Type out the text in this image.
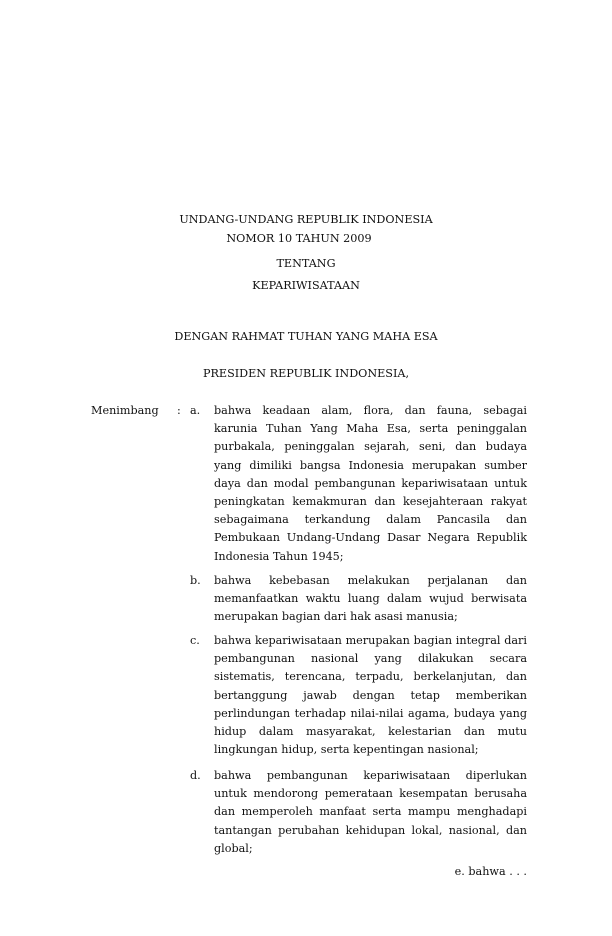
UNDANG-UNDANG REPUBLIK INDONESIA
NOMOR 10 TAHUN 2009
TENTANG
KEPARIWISATAAN
DENGAN RAHMAT TUHAN YANG MAHA ESA
PRESIDEN REPUBLIK INDONESIA,
Menimbang : a. bahwa keadaan alam, flora, dan fauna, sebagai karunia Tuhan Yang Maha Esa, serta peninggalan purbakala, peninggalan sejarah, seni, dan budaya yang dimiliki bangsa Indonesia merupakan sumber daya dan modal pembangunan kepariwisataan untuk peningkatan kemakmuran dan kesejahteraan rakyat sebagaimana terkandung dalam Pancasila dan Pembukaan Undang-Undang Dasar Negara Republik Indonesia Tahun 1945;
b. bahwa kebebasan melakukan perjalanan dan memanfaatkan waktu luang dalam wujud berwisata merupakan bagian dari hak asasi manusia;
c. bahwa kepariwisataan merupakan bagian integral dari pembangunan nasional yang dilakukan secara sistematis, terencana, terpadu, berkelanjutan, dan bertanggung jawab dengan tetap memberikan perlindungan terhadap nilai-nilai agama, budaya yang hidup dalam masyarakat, kelestarian dan mutu lingkungan hidup, serta kepentingan nasional;
d. bahwa pembangunan kepariwisataan diperlukan untuk mendorong pemerataan kesempatan berusaha dan memperoleh manfaat serta mampu menghadapi tantangan perubahan kehidupan lokal, nasional, dan global;
e. bahwa . . .
